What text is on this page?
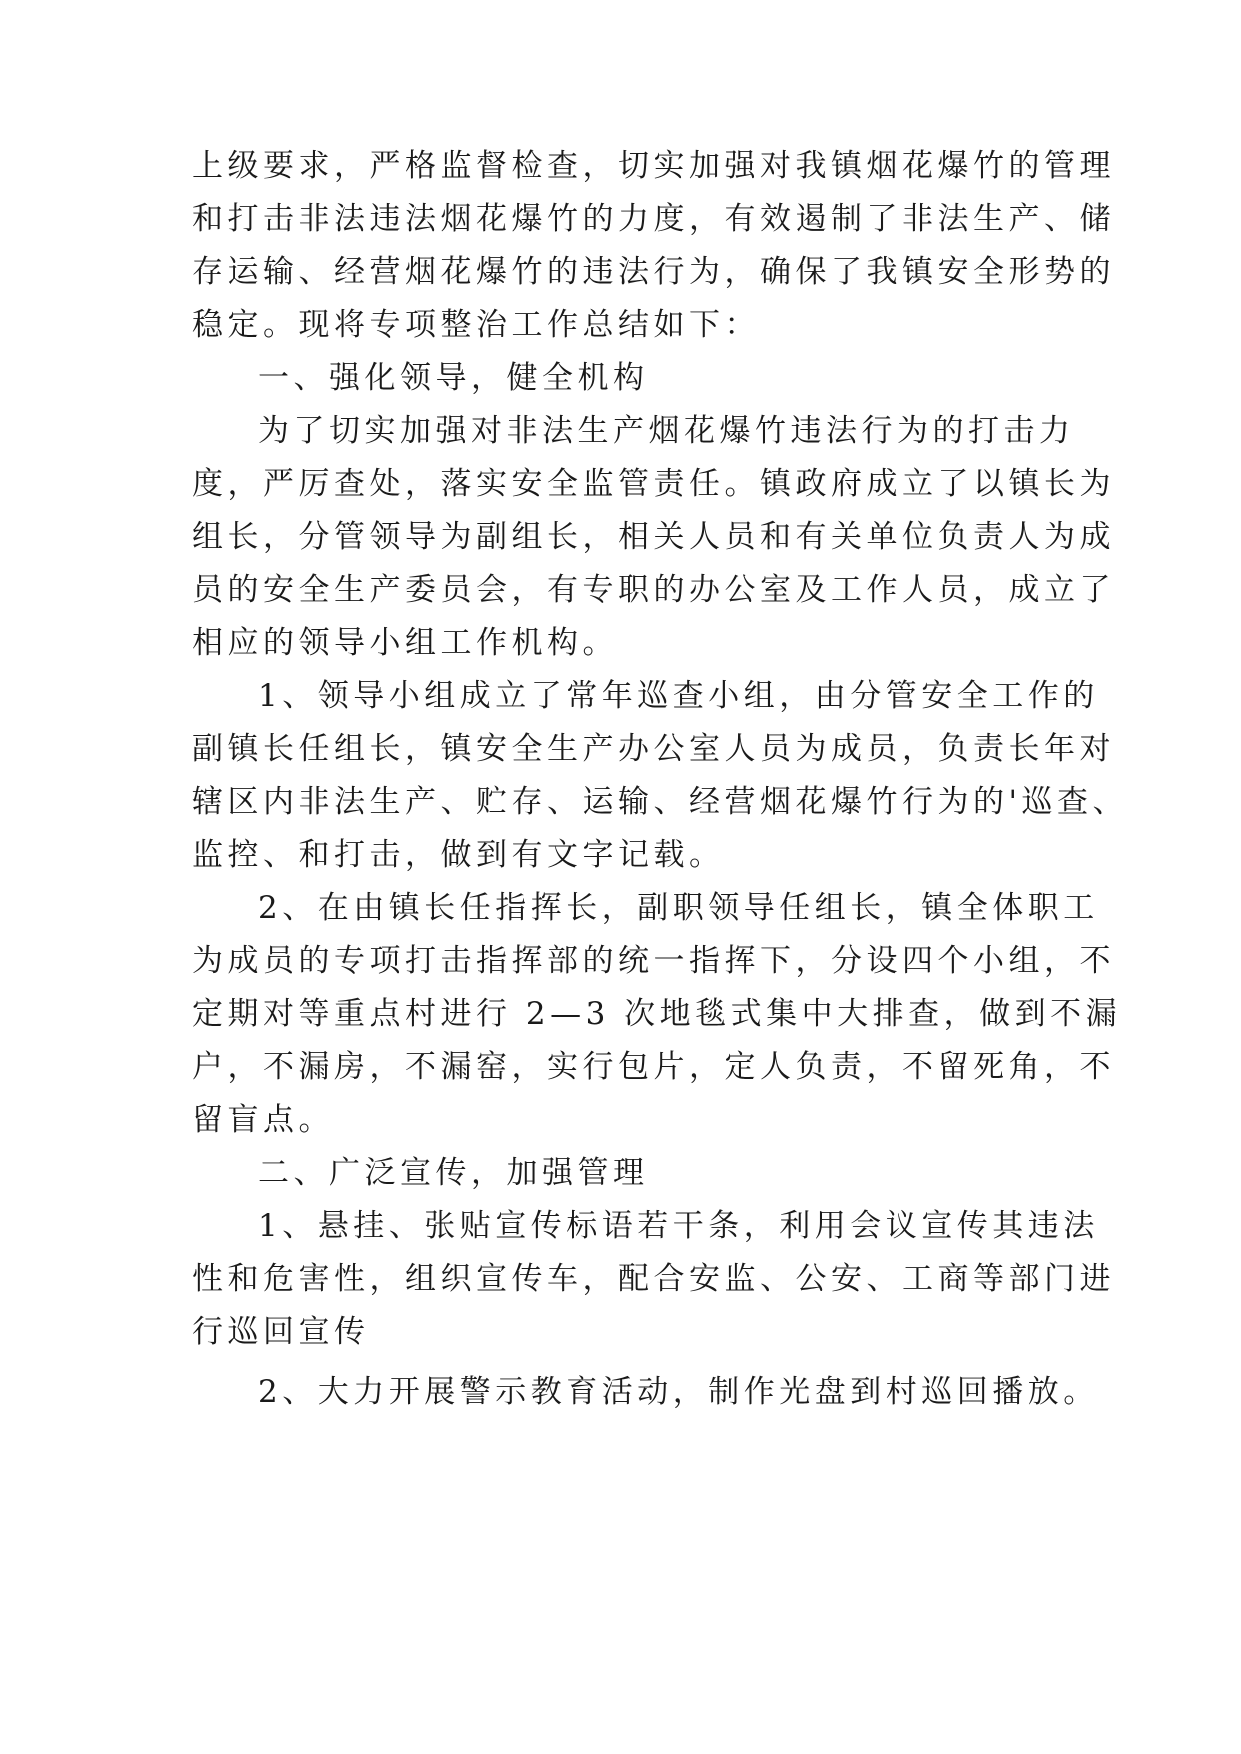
上级要求，严格监督检查，切实加强对我镇烟花爆竹的管理
和打击非法违法烟花爆竹的力度，有效遏制了非法生产、储
存运输、经营烟花爆竹的违法行为，确保了我镇安全形势的
稳定。现将专项整治工作总结如下：
一、强化领导，健全机构
为了切实加强对非法生产烟花爆竹违法行为的打击力
度，严厉查处，落实安全监管责任。镇政府成立了以镇长为
组长，分管领导为副组长，相关人员和有关单位负责人为成
员的安全生产委员会，有专职的办公室及工作人员，成立了
相应的领导小组工作机构。
1、领导小组成立了常年巡查小组，由分管安全工作的
副镇长任组长，镇安全生产办公室人员为成员，负责长年对
辖区内非法生产、贮存、运输、经营烟花爆竹行为的'巡查、
监控、和打击，做到有文字记载。
2、在由镇长任指挥长，副职领导任组长，镇全体职工
为成员的专项打击指挥部的统一指挥下，分设四个小组，不
定期对等重点村进行 2—3 次地毯式集中大排查，做到不漏
户，不漏房，不漏窑，实行包片，定人负责，不留死角，不
留盲点。
二、广泛宣传，加强管理
1、悬挂、张贴宣传标语若干条，利用会议宣传其违法
性和危害性，组织宣传车，配合安监、公安、工商等部门进
行巡回宣传
2、大力开展警示教育活动，制作光盘到村巡回播放。
